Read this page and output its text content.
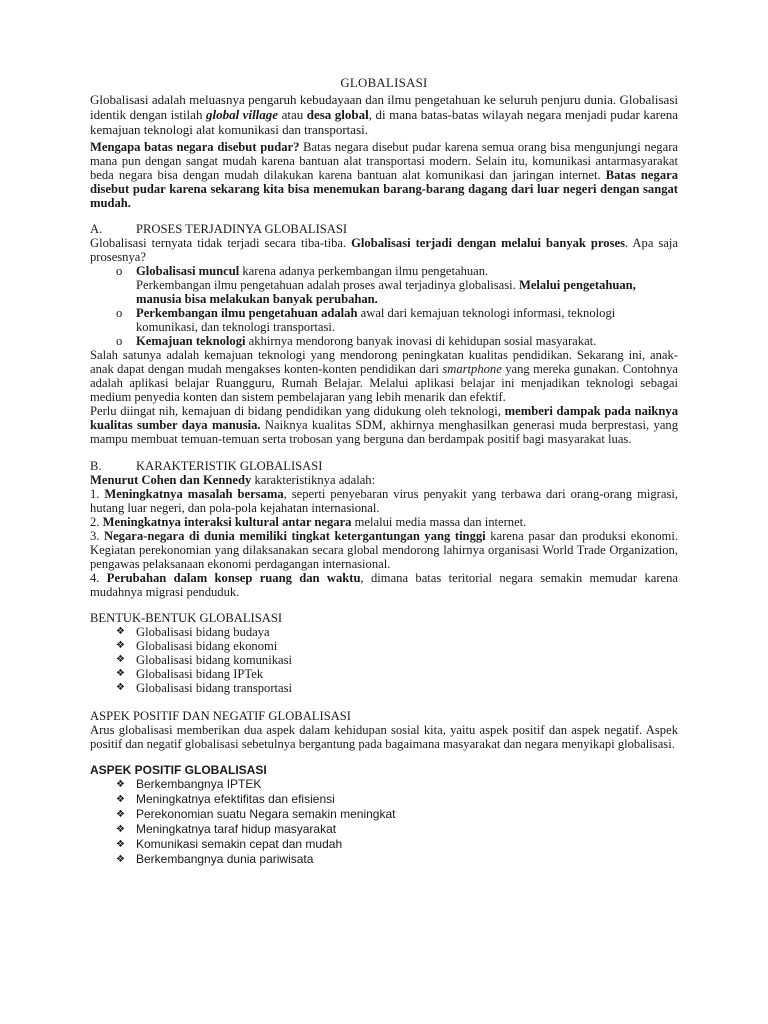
GLOBALISASI

Globalisasi adalah meluasnya pengaruh kebudayaan dan ilmu pengetahuan ke seluruh penjuru dunia. Globalisasi identik dengan istilah global village atau desa global, di mana batas-batas wilayah negara menjadi pudar karena kemajuan teknologi alat komunikasi dan transportasi.

Mengapa batas negara disebut pudar? Batas negara disebut pudar karena semua orang bisa mengunjungi negara mana pun dengan sangat mudah karena bantuan alat transportasi modern. Selain itu, komunikasi antarmasyarakat beda negara bisa dengan mudah dilakukan karena bantuan alat komunikasi dan jaringan internet. Batas negara disebut pudar karena sekarang kita bisa menemukan barang-barang dagang dari luar negeri dengan sangat mudah.

A.	PROSES TERJADINYA GLOBALISASI

Globalisasi ternyata tidak terjadi secara tiba-tiba. Globalisasi terjadi dengan melalui banyak proses. Apa saja prosesnya?

o	Globalisasi muncul karena adanya perkembangan ilmu pengetahuan.
Perkembangan ilmu pengetahuan adalah proses awal terjadinya globalisasi. Melalui pengetahuan, manusia bisa melakukan banyak perubahan.
o	Perkembangan ilmu pengetahuan adalah awal dari kemajuan teknologi informasi, teknologi komunikasi, dan teknologi transportasi.
o	Kemajuan teknologi akhirnya mendorong banyak inovasi di kehidupan sosial masyarakat.

Salah satunya adalah kemajuan teknologi yang mendorong peningkatan kualitas pendidikan. Sekarang ini, anak-anak dapat dengan mudah mengakses konten-konten pendidikan dari smartphone yang mereka gunakan. Contohnya adalah aplikasi belajar Ruangguru, Rumah Belajar. Melalui aplikasi belajar ini menjadikan teknologi sebagai medium penyedia konten dan sistem pembelajaran yang lebih menarik dan efektif.

Perlu diingat nih, kemajuan di bidang pendidikan yang didukung oleh teknologi, memberi dampak pada naiknya kualitas sumber daya manusia. Naiknya kualitas SDM, akhirnya menghasilkan generasi muda berprestasi, yang mampu membuat temuan-temuan serta trobosan yang berguna dan berdampak positif bagi masyarakat luas.

B.	KARAKTERISTIK GLOBALISASI

Menurut Cohen dan Kennedy karakteristiknya adalah:

1. Meningkatnya masalah bersama, seperti penyebaran virus penyakit yang terbawa dari orang-orang migrasi, hutang luar negeri, dan pola-pola kejahatan internasional.

2. Meningkatnya interaksi kultural antar negara melalui media massa dan internet.

3. Negara-negara di dunia memiliki tingkat ketergantungan yang tinggi karena pasar dan produksi ekonomi. Kegiatan perekonomian yang dilaksanakan secara global mendorong lahirnya organisasi World Trade Organization, pengawas pelaksanaan ekonomi perdagangan internasional.

4. Perubahan dalam konsep ruang dan waktu, dimana batas teritorial negara semakin memudar karena mudahnya migrasi penduduk.

BENTUK-BENTUK GLOBALISASI

❖ Globalisasi bidang budaya
❖ Globalisasi bidang ekonomi
❖ Globalisasi bidang komunikasi
❖ Globalisasi bidang IPTek
❖ Globalisasi bidang transportasi

ASPEK POSITIF DAN NEGATIF GLOBALISASI

Arus globalisasi memberikan dua aspek dalam kehidupan sosial kita, yaitu aspek positif dan aspek negatif. Aspek positif dan negatif globalisasi sebetulnya bergantung pada bagaimana masyarakat dan negara menyikapi globalisasi.

ASPEK POSITIF GLOBALISASI

❖ Berkembangnya IPTEK
❖ Meningkatnya efektifitas dan efisiensi
❖ Perekonomian suatu Negara semakin meningkat
❖ Meningkatnya taraf hidup masyarakat
❖ Komunikasi semakin cepat dan mudah
❖ Berkembangnya dunia pariwisata
